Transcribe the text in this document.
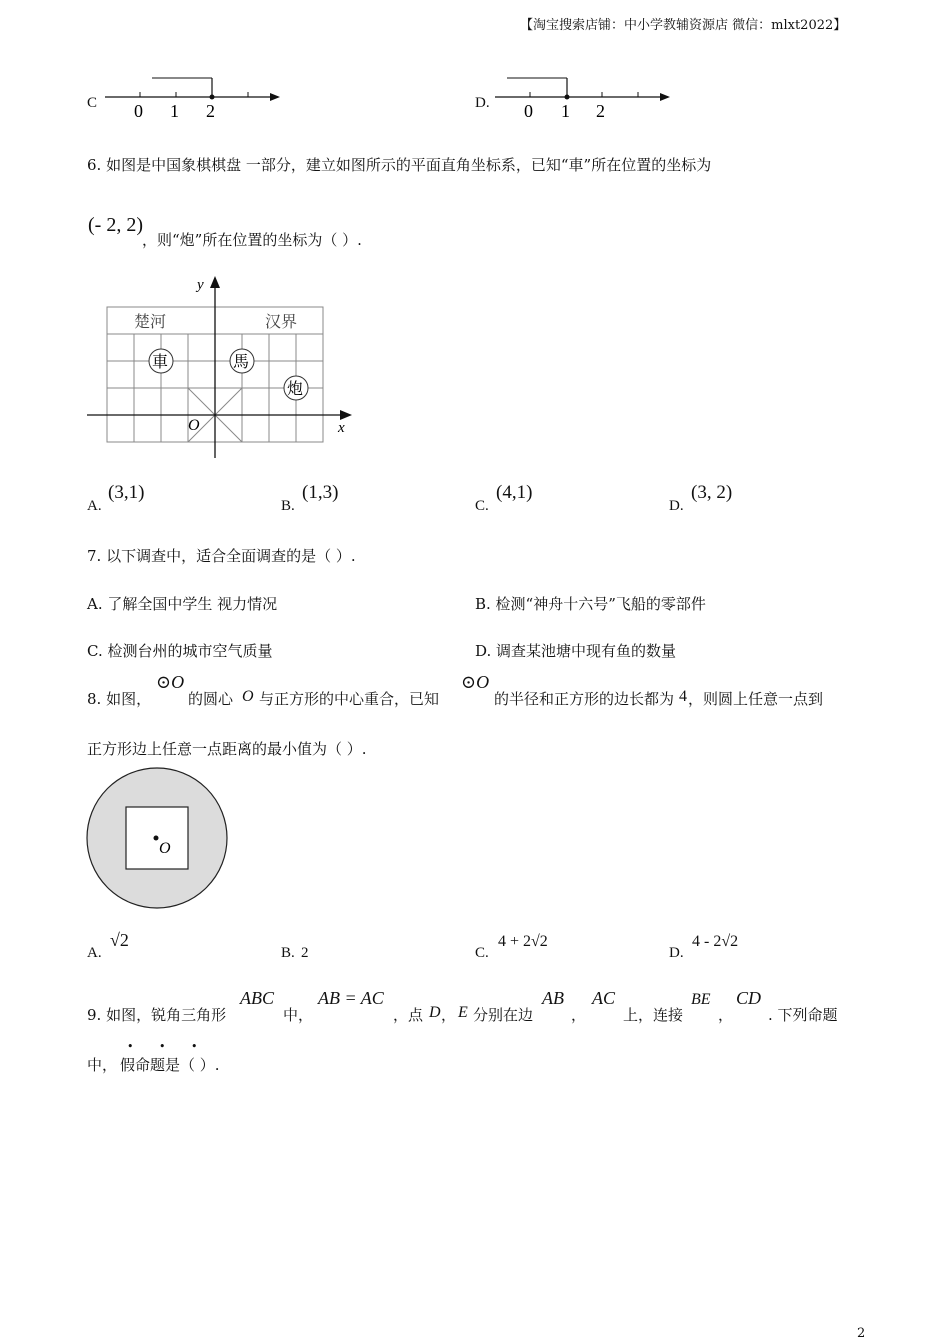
【淘宝搜索店铺：中小学教辅资源店 微信：mlxt2022】
C 0 1 2	D. 0 1 2
6. 如图是中国象棋棋盘 一部分，建立如图所示的平面直角坐标系，已知“車”所在位置的坐标为
(- 2, 2)
，则“炮”所在位置的坐标为（ ）.
y
x
O
楚河	汉界
車	馬
炮
A.
(3,1)
B.
(1,3)
C.
(4,1)
D.
(3, 2)
7. 以下调查中，适合全面调查的是（ ）.
A. 了解全国中学生 视力情况	B. 检测“神舟十六号”飞船的零部件
C. 检测台州的城市空气质量	D. 调查某池塘中现有鱼的数量
8. 如图，
⊙O
的圆心 O 与正方形的中心重合，已知
⊙O
的半径和正方形的边长都为 4 ，则圆上任意一点到
正方形边上任意一点距离的最小值为（ ）.
O
A.
√2
B. 2	C.
4 + 2√2
D.
4 - 2√2
9. 如图，锐角三角形
ABC
中，
AB = AC
，点 D ， E 分别在边
AB
，
AC
上，连接
BE
，
CD
. 下列命题
中，
• • •
假命题 是（ ）.
2
